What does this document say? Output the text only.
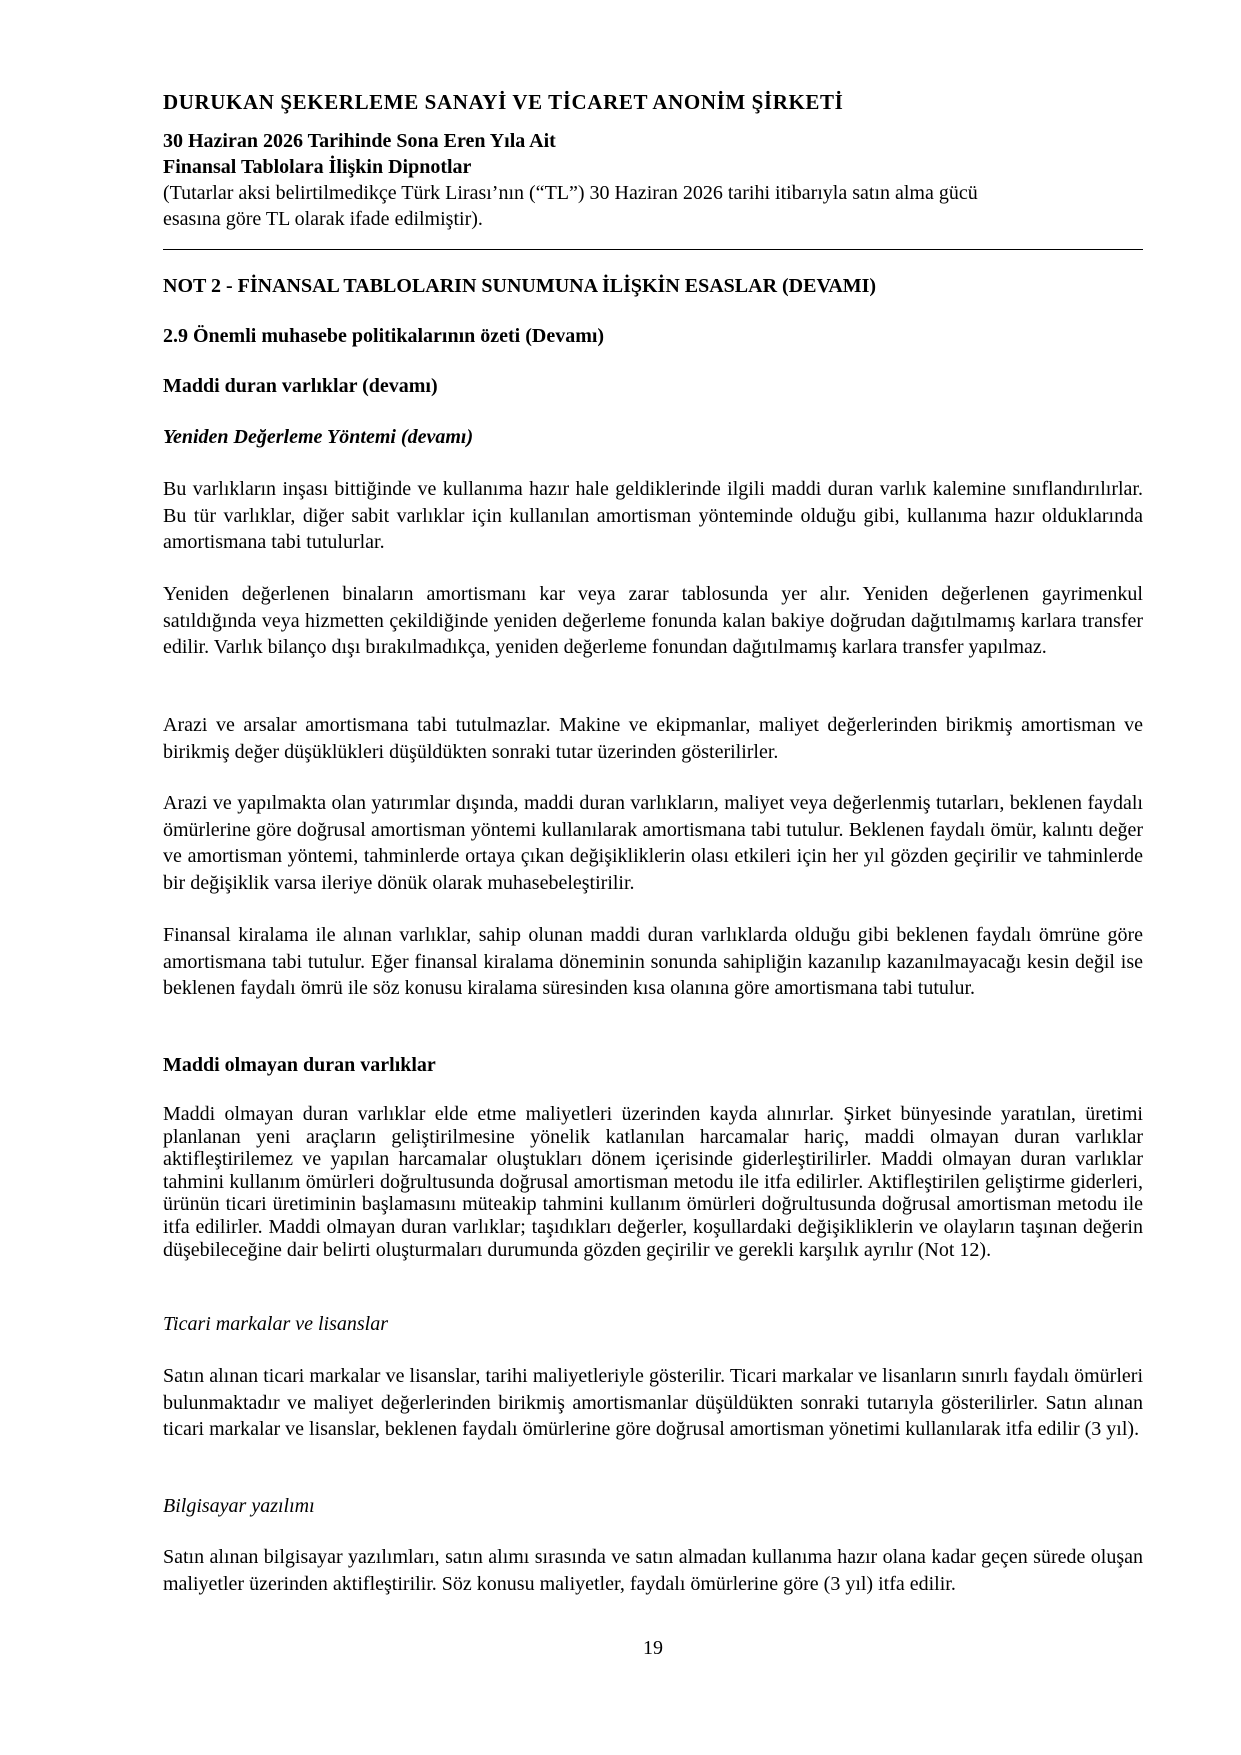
DURUKAN ŞEKERLEME SANAYİ VE TİCARET ANONİM ŞİRKETİ
30 Haziran 2026 Tarihinde Sona Eren Yıla Ait
Finansal Tablolara İlişkin Dipnotlar
(Tutarlar aksi belirtilmedikçe Türk Lirası’nın (“TL”) 30 Haziran 2026 tarihi itibarıyla satın alma gücü
esasına göre TL olarak ifade edilmiştir).
NOT 2 - FİNANSAL TABLOLARIN SUNUMUNA İLİŞKİN ESASLAR (DEVAMI)
2.9 Önemli muhasebe politikalarının özeti (Devamı)
Maddi duran varlıklar (devamı)
Yeniden Değerleme Yöntemi (devamı)
Bu varlıkların inşası bittiğinde ve kullanıma hazır hale geldiklerinde ilgili maddi duran varlık kalemine sınıflandırılırlar. Bu tür varlıklar, diğer sabit varlıklar için kullanılan amortisman yönteminde olduğu gibi, kullanıma hazır olduklarında amortismana tabi tutulurlar.
Yeniden değerlenen binaların amortismanı kar veya zarar tablosunda yer alır. Yeniden değerlenen gayrimenkul satıldığında veya hizmetten çekildiğinde yeniden değerleme fonunda kalan bakiye doğrudan dağıtılmamış karlara transfer edilir. Varlık bilanço dışı bırakılmadıkça, yeniden değerleme fonundan dağıtılmamış karlara transfer yapılmaz.
Arazi ve arsalar amortismana tabi tutulmazlar. Makine ve ekipmanlar, maliyet değerlerinden birikmiş amortisman ve birikmiş değer düşüklükleri düşüldükten sonraki tutar üzerinden gösterilirler.
Arazi ve yapılmakta olan yatırımlar dışında, maddi duran varlıkların, maliyet veya değerlenmiş tutarları, beklenen faydalı ömürlerine göre doğrusal amortisman yöntemi kullanılarak amortismana tabi tutulur. Beklenen faydalı ömür, kalıntı değer ve amortisman yöntemi, tahminlerde ortaya çıkan değişikliklerin olası etkileri için her yıl gözden geçirilir ve tahminlerde bir değişiklik varsa ileriye dönük olarak muhasebeleştirilir.
Finansal kiralama ile alınan varlıklar, sahip olunan maddi duran varlıklarda olduğu gibi beklenen faydalı ömrüne göre amortismana tabi tutulur. Eğer finansal kiralama döneminin sonunda sahipliğin kazanılıp kazanılmayacağı kesin değil ise beklenen faydalı ömrü ile söz konusu kiralama süresinden kısa olanına göre amortismana tabi tutulur.
Maddi olmayan duran varlıklar
Maddi olmayan duran varlıklar elde etme maliyetleri üzerinden kayda alınırlar. Şirket bünyesinde yaratılan, üretimi planlanan yeni araçların geliştirilmesine yönelik katlanılan harcamalar hariç, maddi olmayan duran varlıklar aktifleştirilemez ve yapılan harcamalar oluştukları dönem içerisinde giderleştirilirler. Maddi olmayan duran varlıklar tahmini kullanım ömürleri doğrultusunda doğrusal amortisman metodu ile itfa edilirler. Aktifleştirilen geliştirme giderleri, ürünün ticari üretiminin başlamasını müteakip tahmini kullanım ömürleri doğrultusunda doğrusal amortisman metodu ile itfa edilirler. Maddi olmayan duran varlıklar; taşıdıkları değerler, koşullardaki değişikliklerin ve olayların taşınan değerin düşebileceğine dair belirti oluşturmaları durumunda gözden geçirilir ve gerekli karşılık ayrılır (Not 12).
Ticari markalar ve lisanslar
Satın alınan ticari markalar ve lisanslar, tarihi maliyetleriyle gösterilir. Ticari markalar ve lisanların sınırlı faydalı ömürleri bulunmaktadır ve maliyet değerlerinden birikmiş amortismanlar düşüldükten sonraki tutarıyla gösterilirler. Satın alınan ticari markalar ve lisanslar, beklenen faydalı ömürlerine göre doğrusal amortisman yönetimi kullanılarak itfa edilir (3 yıl).
Bilgisayar yazılımı
Satın alınan bilgisayar yazılımları, satın alımı sırasında ve satın almadan kullanıma hazır olana kadar geçen sürede oluşan maliyetler üzerinden aktifleştirilir. Söz konusu maliyetler, faydalı ömürlerine göre (3 yıl) itfa edilir.
19
